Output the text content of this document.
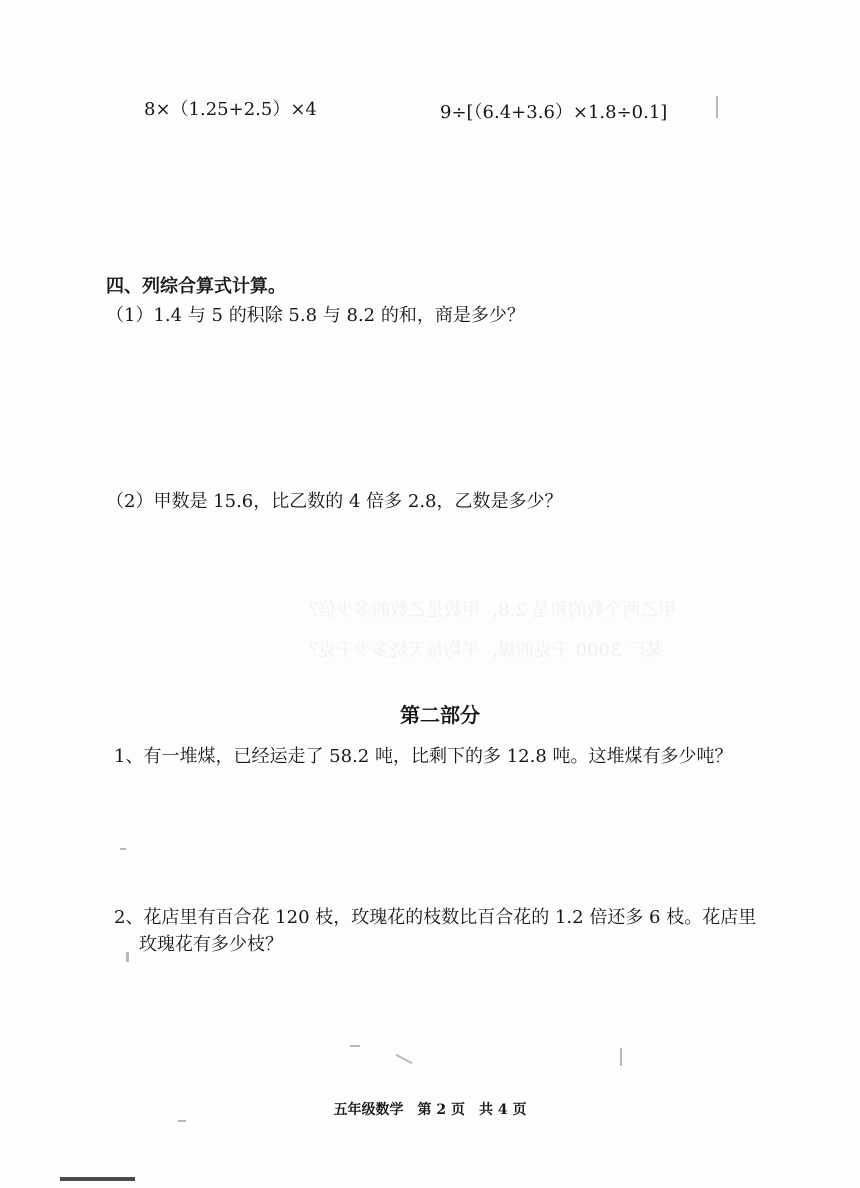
甲乙两个数的和是 2.8，甲数是乙数的多少倍？
某厂 3000 千克的煤，平均每天烧多少千克？
8×（1.25+2.5）×4	9÷[（6.4+3.6）×1.8÷0.1]
四、列综合算式计算。
（1）1.4 与 5 的积除 5.8 与 8.2 的和，商是多少？
（2）甲数是 15.6，比乙数的 4 倍多 2.8，乙数是多少？
第二部分
1、有一堆煤，已经运走了 58.2 吨，比剩下的多 12.8 吨。这堆煤有多少吨？
2、花店里有百合花 120 枝，玫瑰花的枝数比百合花的 1.2 倍还多 6 枝。花店里
玫瑰花有多少枝？
五年级数学　第 2 页　共 4 页
